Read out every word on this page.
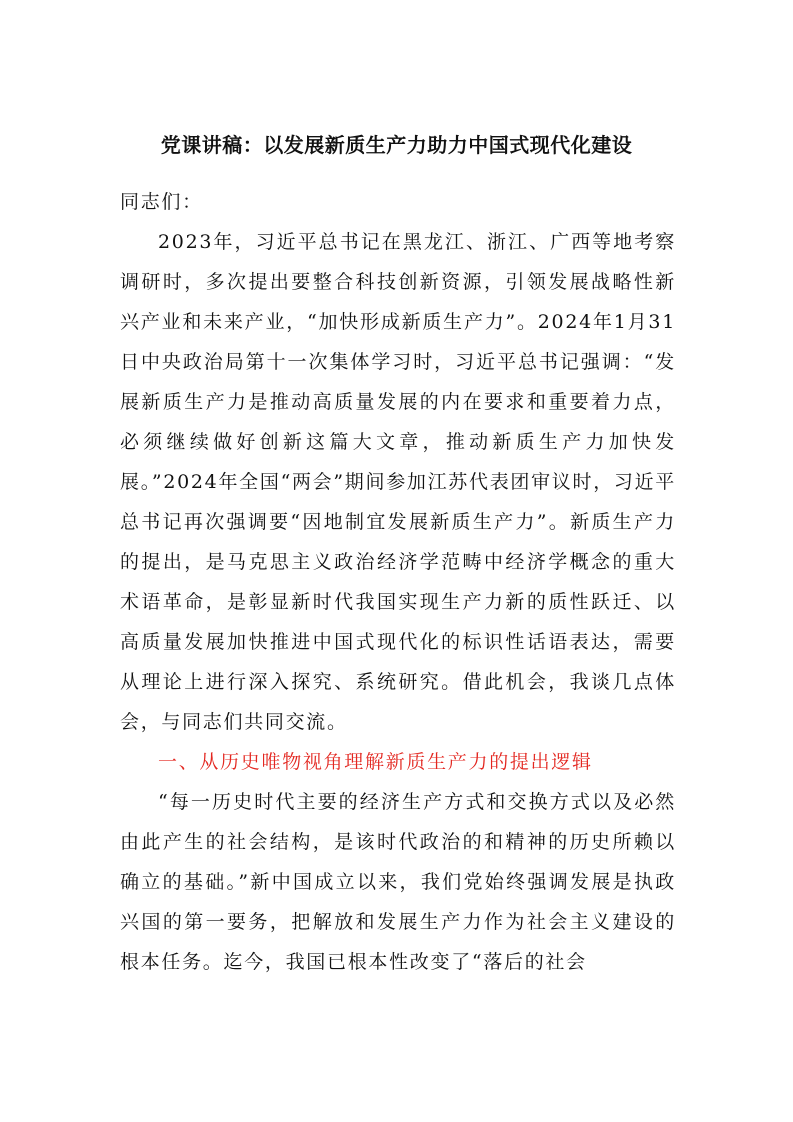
党课讲稿：以发展新质生产力助力中国式现代化建设

同志们：

2023年，习近平总书记在黑龙江、浙江、广西等地考察调研时，多次提出要整合科技创新资源，引领发展战略性新兴产业和未来产业，“加快形成新质生产力”。2024年1月31日中央政治局第十一次集体学习时，习近平总书记强调：“发展新质生产力是推动高质量发展的内在要求和重要着力点，必须继续做好创新这篇大文章，推动新质生产力加快发展。”2024年全国“两会”期间参加江苏代表团审议时，习近平总书记再次强调要“因地制宜发展新质生产力”。新质生产力的提出，是马克思主义政治经济学范畴中经济学概念的重大术语革命，是彰显新时代我国实现生产力新的质性跃迁、以高质量发展加快推进中国式现代化的标识性话语表达，需要从理论上进行深入探究、系统研究。借此机会，我谈几点体会，与同志们共同交流。

一、从历史唯物视角理解新质生产力的提出逻辑

“每一历史时代主要的经济生产方式和交换方式以及必然由此产生的社会结构，是该时代政治的和精神的历史所赖以确立的基础。”新中国成立以来，我们党始终强调发展是执政兴国的第一要务，把解放和发展生产力作为社会主义建设的根本任务。迄今，我国已根本性改变了“落后的社会
